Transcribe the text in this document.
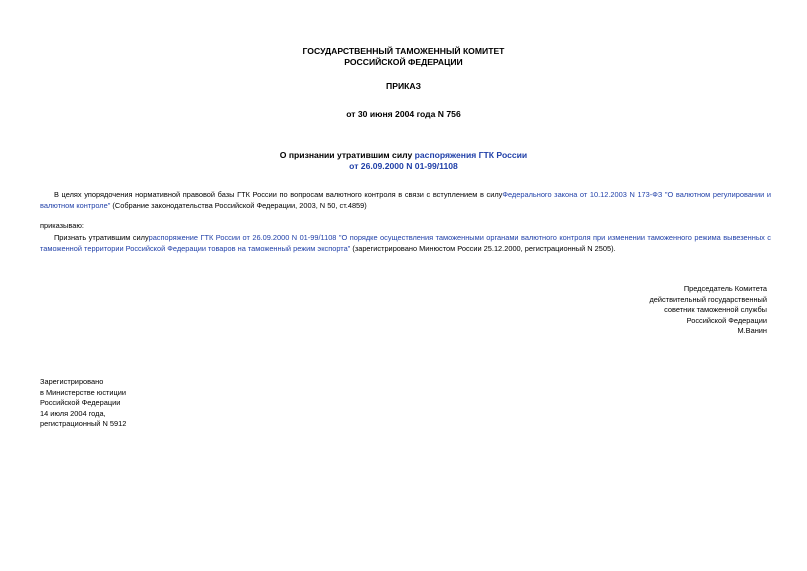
ГОСУДАРСТВЕННЫЙ ТАМОЖЕННЫЙ КОМИТЕТ
РОССИЙСКОЙ ФЕДЕРАЦИИ
ПРИКАЗ
от 30 июня 2004 года N 756
О признании утратившим силу распоряжения ГТК России
от 26.09.2000 N 01-99/1108
В целях упорядочения нормативной правовой базы ГТК России по вопросам валютного контроля в связи с вступлением в силуФедерального закона от 10.12.2003 N 173-ФЗ "О валютном регулировании и валютном контроле" (Собрание законодательства Российской Федерации, 2003, N 50, ст.4859)
приказываю:
Признать утратившим силураспоряжение ГТК России от 26.09.2000 N 01-99/1108 "О порядке осуществления таможенными органами валютного контроля при изменении таможенного режима вывезенных с таможенной территории Российской Федерации товаров на таможенный режим экспорта" (зарегистрировано Минюстом России 25.12.2000, регистрационный N 2505).
Председатель Комитета
действительный государственный
советник таможенной службы
Российской Федерации
М.Ванин
Зарегистрировано
в Министерстве юстиции
Российской Федерации
14 июля 2004 года,
регистрационный N 5912
